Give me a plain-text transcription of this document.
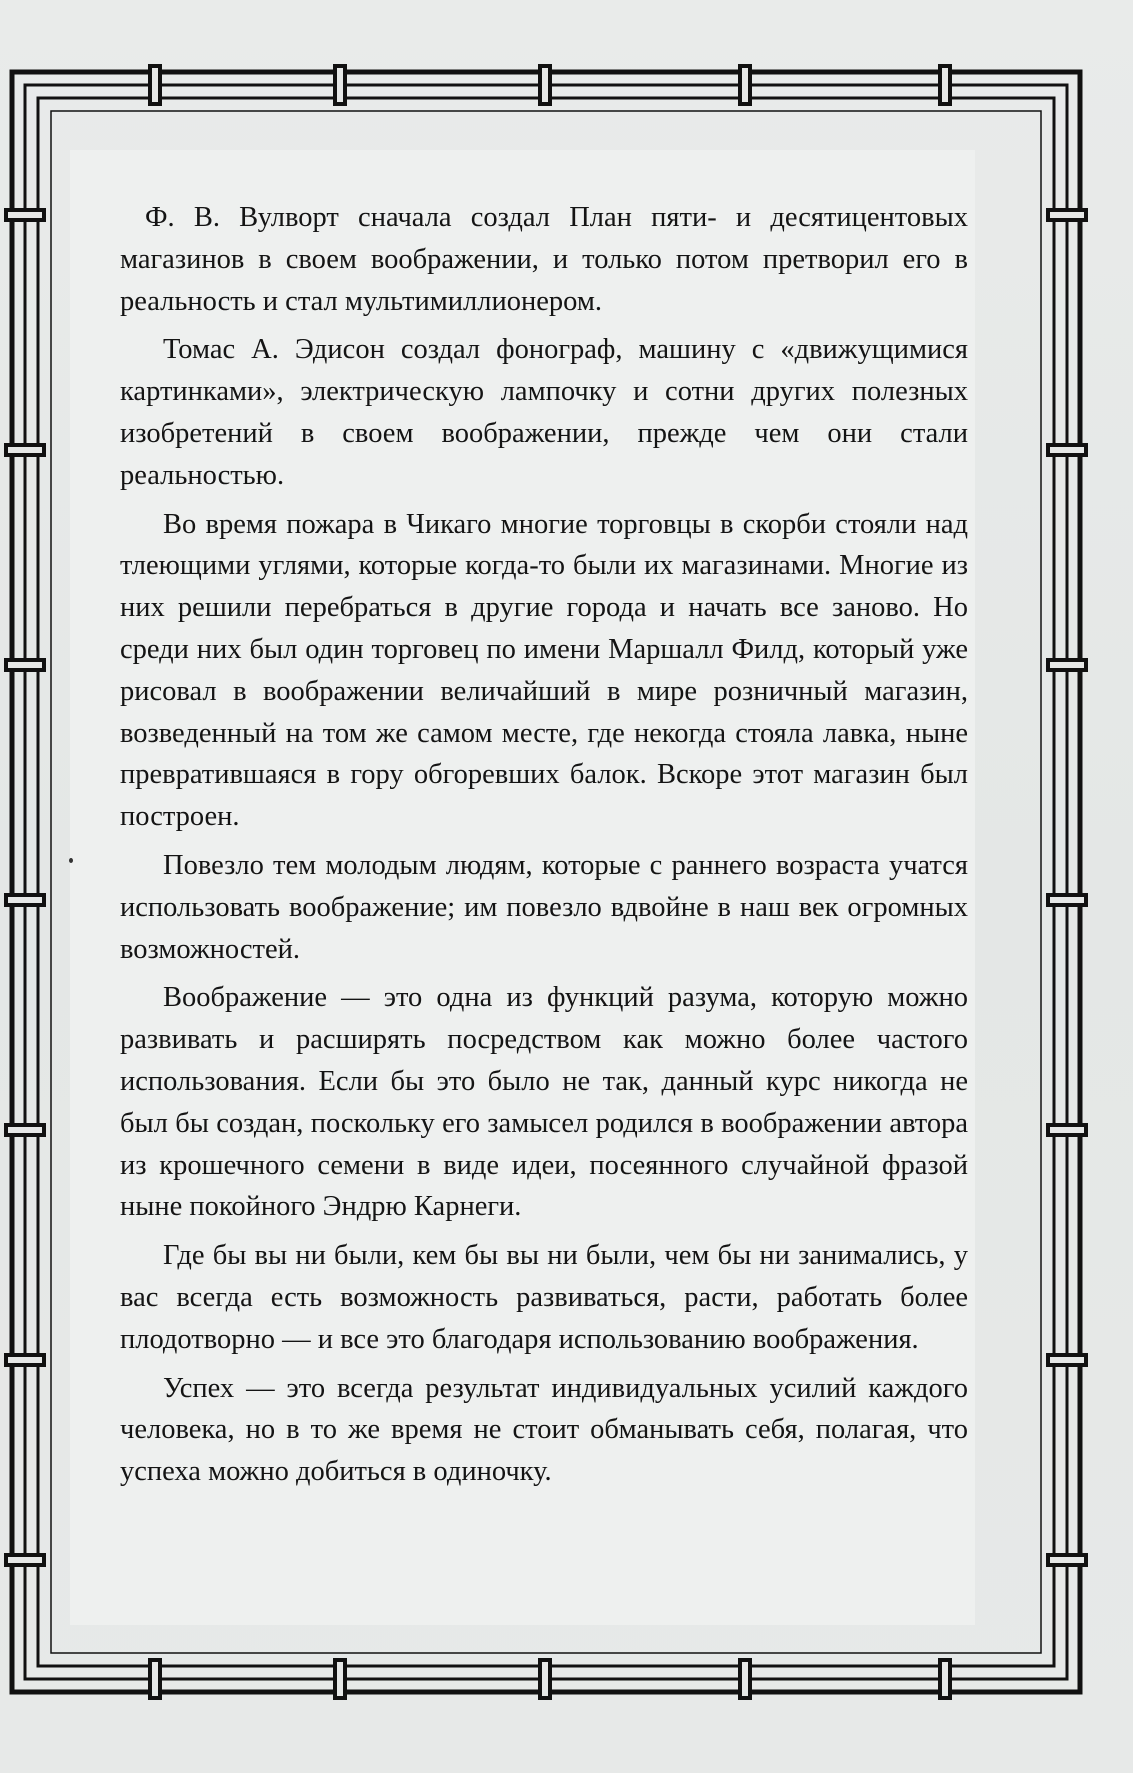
Ф. В. Вулворт сначала создал План пяти- и десятицентовых магазинов в своем воображении, и только потом претворил его в реальность и стал мультимиллионером.

Томас А. Эдисон создал фонограф, машину с «движущимися картинками», электрическую лампочку и сотни других полезных изобретений в своем воображении, прежде чем они стали реальностью.

Во время пожара в Чикаго многие торговцы в скорби стояли над тлеющими углями, которые когда-то были их магазинами. Многие из них решили перебраться в другие города и начать все заново. Но среди них был один торговец по имени Маршалл Филд, который уже рисовал в воображении величайший в мире розничный магазин, возведенный на том же самом месте, где некогда стояла лавка, ныне превратившаяся в гору обгоревших балок. Вскоре этот магазин был построен.

Повезло тем молодым людям, которые с раннего возраста учатся использовать воображение; им повезло вдвойне в наш век огромных возможностей.

Воображение — это одна из функций разума, которую можно развивать и расширять посредством как можно более частого использования. Если бы это было не так, данный курс никогда не был бы создан, поскольку его замысел родился в воображении автора из крошечного семени в виде идеи, посеянного случайной фразой ныне покойного Эндрю Карнеги.

Где бы вы ни были, кем бы вы ни были, чем бы ни занимались, у вас всегда есть возможность развиваться, расти, работать более плодотворно — и все это благодаря использованию воображения.

Успех — это всегда результат индивидуальных усилий каждого человека, но в то же время не стоит обманывать себя, полагая, что успеха можно добиться в одиночку.
